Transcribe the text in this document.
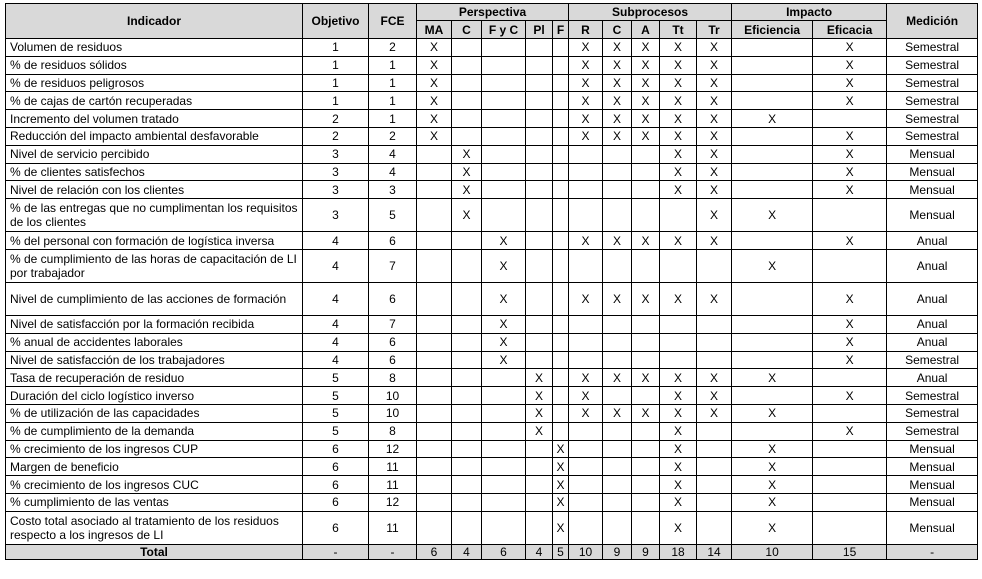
Indicador	Objetivo	FCE	Perspectiva					Subprocesos					Impacto		Medición
			MA	C	F y C	Pl	F	R	C	A	Tt	Tr	Eficiencia	Eficacia	
Volumen de residuos	1	2	X					X	X	X	X	X		X	Semestral
% de residuos sólidos	1	1	X					X	X	X	X	X		X	Semestral
% de residuos peligrosos	1	1	X					X	X	X	X	X		X	Semestral
% de cajas de cartón recuperadas	1	1	X					X	X	X	X	X		X	Semestral
Incremento del volumen tratado	2	1	X					X	X	X	X	X	X		Semestral
Reducción del impacto ambiental desfavorable	2	2	X					X	X	X	X	X		X	Semestral
Nivel de servicio percibido	3	4		X							X	X		X	Mensual
% de clientes satisfechos	3	4		X							X	X		X	Mensual
Nivel de relación con los clientes	3	3		X							X	X		X	Mensual
% de las entregas que no cumplimentan los requisitos de los clientes	3	5		X								X	X		Mensual
% del personal con formación de logística inversa	4	6			X			X	X	X	X	X		X	Anual
% de cumplimiento de las horas de capacitación de LI por trabajador	4	7			X								X		Anual
Nivel de cumplimiento de las acciones de formación	4	6			X			X	X	X	X	X		X	Anual
Nivel de satisfacción por la formación recibida	4	7			X									X	Anual
% anual de accidentes laborales	4	6			X									X	Anual
Nivel de satisfacción de los trabajadores	4	6			X									X	Semestral
Tasa de recuperación de residuo	5	8				X		X	X	X	X	X	X		Anual
Duración del ciclo logístico inverso	5	10				X		X			X	X		X	Semestral
% de utilización de las capacidades	5	10				X		X	X	X	X	X	X		Semestral
% de cumplimiento de la demanda	5	8				X					X			X	Semestral
% crecimiento de los ingresos CUP	6	12					X				X		X		Mensual
Margen de beneficio	6	11					X				X		X		Mensual
% crecimiento de los ingresos CUC	6	11					X				X		X		Mensual
% cumplimiento de las ventas	6	12					X				X		X		Mensual
Costo total asociado al tratamiento de los residuos respecto a los ingresos de LI	6	11					X				X		X		Mensual
Total	-	-	6	4	6	4	5	10	9	9	18	14	10	15	-
